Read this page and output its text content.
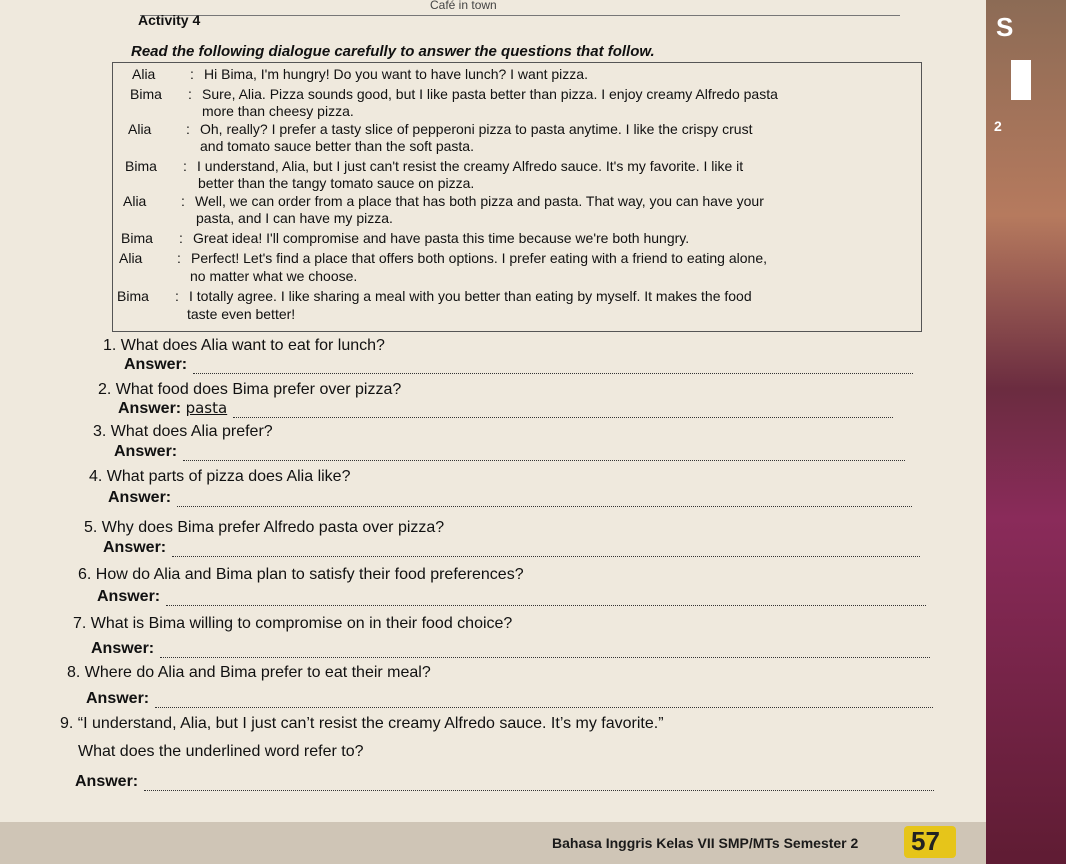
S
2
Café in town
Activity 4
Read the following dialogue carefully to answer the questions that follow.
Alia : Hi Bima, I'm hungry! Do you want to have lunch? I want pizza.
Bima : Sure, Alia. Pizza sounds good, but I like pasta better than pizza. I enjoy creamy Alfredo pasta
more than cheesy pizza.
Alia : Oh, really? I prefer a tasty slice of pepperoni pizza to pasta anytime. I like the crispy crust
and tomato sauce better than the soft pasta.
Bima : I understand, Alia, but I just can't resist the creamy Alfredo sauce. It's my favorite. I like it
better than the tangy tomato sauce on pizza.
Alia : Well, we can order from a place that has both pizza and pasta. That way, you can have your
pasta, and I can have my pizza.
Bima : Great idea! I'll compromise and have pasta this time because we're both hungry.
Alia : Perfect! Let's find a place that offers both options. I prefer eating with a friend to eating alone,
no matter what we choose.
Bima : I totally agree. I like sharing a meal with you better than eating by myself. It makes the food
taste even better!
1. What does Alia want to eat for lunch?
Answer:
2. What food does Bima prefer over pizza?
Answer: pasta
3. What does Alia prefer?
Answer:
4. What parts of pizza does Alia like?
Answer:
5. Why does Bima prefer Alfredo pasta over pizza?
Answer:
6. How do Alia and Bima plan to satisfy their food preferences?
Answer:
7. What is Bima willing to compromise on in their food choice?
Answer:
8. Where do Alia and Bima prefer to eat their meal?
Answer:
9. “I understand, Alia, but I just can’t resist the creamy Alfredo sauce. It’s my favorite.”
What does the underlined word refer to?
Answer:
Bahasa Inggris Kelas VII SMP/MTs Semester 2 57
